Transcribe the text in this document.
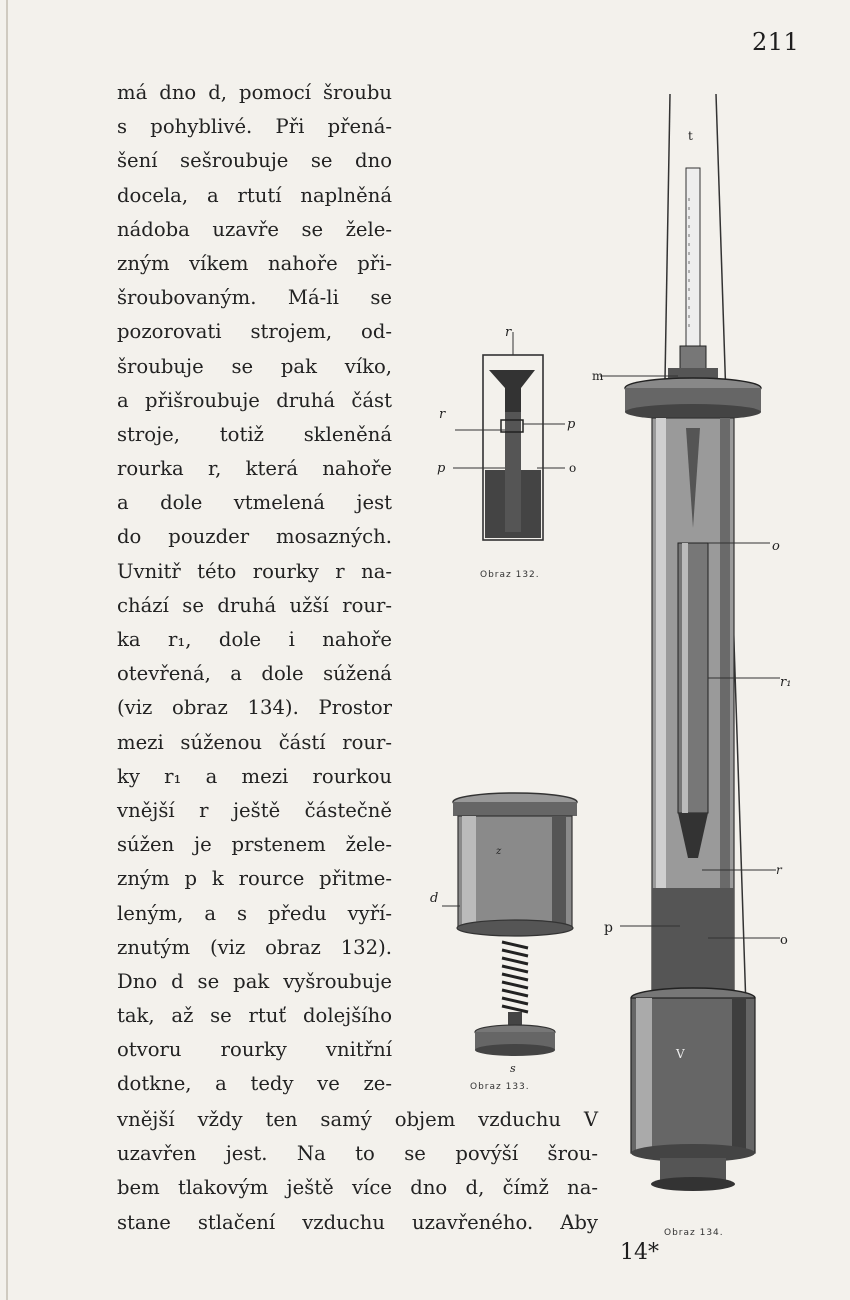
211
má dno d, pomocí šroubu
s pohyblivé. Při přená-
šení sešroubuje se dno
docela, a rtutí naplněná
nádoba uzavře se žele-
zným víkem nahoře při-
šroubovaným. Má-li se
pozorovati strojem, od-
šroubuje se pak víko,
a přišroubuje druhá část
stroje, totiž skleněná
rourka r, která nahoře
a dole vtmelená jest
do pouzder mosazných.
Uvnitř této rourky r na-
chází se druhá užší rour-
ka r₁, dole i nahoře
otevřená, a dole súžená
(viz obraz 134). Prostor
mezi súženou částí rour-
ky r₁ a mezi rourkou
vnější r ještě částečně
súžen je prstenem žele-
zným p k rource přitme-
leným, a s předu vyří-
znutým (viz obraz 132).
Dno d se pak vyšroubuje
tak, až se rtuť dolejšího
otvoru rourky vnitřní
dotkne, a tedy ve ze-
r
r
p
p
o
Obraz 132.
z
d
s
Obraz 133.
t
m
o
r₁
r
p
o
V
Obraz 134.
vnější vždy ten samý objem vzduchu V
uzavřen jest. Na to se povýší šrou-
bem tlakovým ještě více dno d, čímž na-
stane stlačení vzduchu uzavřeného. Aby
14*
